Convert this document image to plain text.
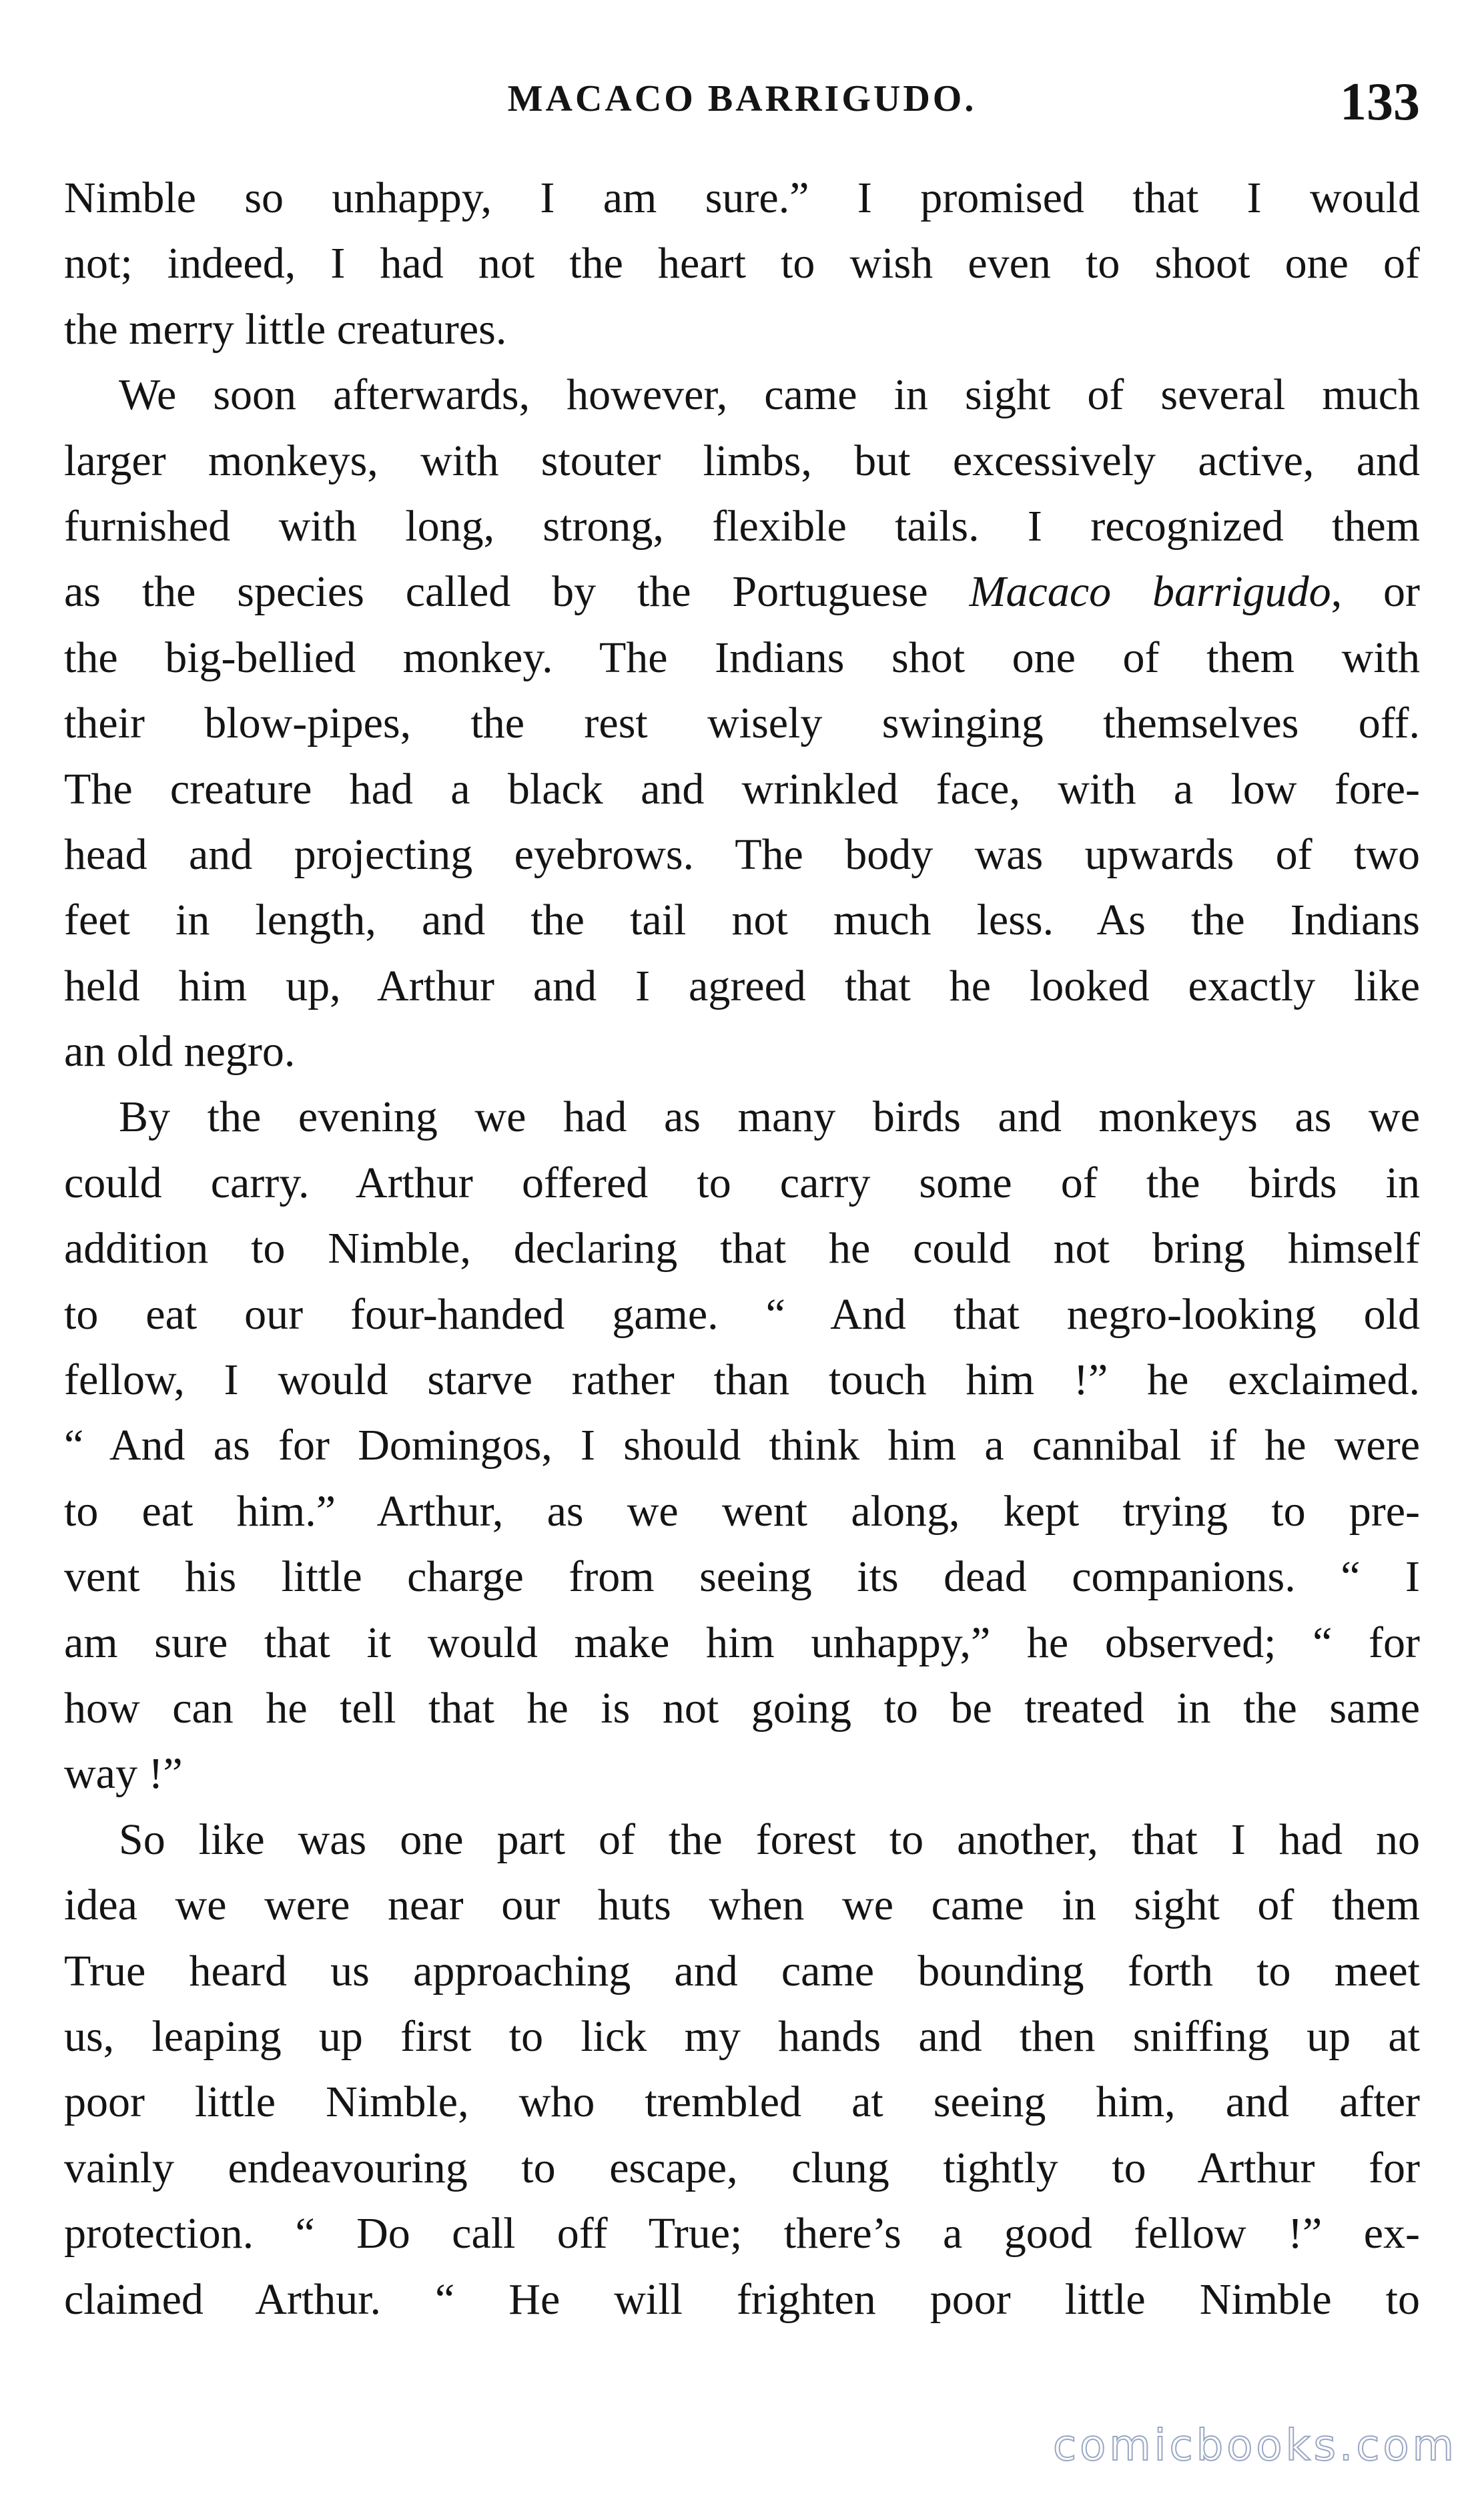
MACACO BARRIGUDO.	133
Nimble so unhappy, I am sure.” I promised that I would
not; indeed, I had not the heart to wish even to shoot one of
the merry little creatures.
We soon afterwards, however, came in sight of several much
larger monkeys, with stouter limbs, but excessively active, and
furnished with long, strong, flexible tails. I recognized them
as the species called by the Portuguese Macaco barrigudo, or
the big-bellied monkey. The Indians shot one of them with
their blow-pipes, the rest wisely swinging themselves off.
The creature had a black and wrinkled face, with a low fore-
head and projecting eyebrows. The body was upwards of two
feet in length, and the tail not much less. As the Indians
held him up, Arthur and I agreed that he looked exactly like
an old negro.
By the evening we had as many birds and monkeys as we
could carry. Arthur offered to carry some of the birds in
addition to Nimble, declaring that he could not bring himself
to eat our four-handed game. “ And that negro-looking old
fellow, I would starve rather than touch him !” he exclaimed.
“ And as for Domingos, I should think him a cannibal if he were
to eat him.” Arthur, as we went along, kept trying to pre-
vent his little charge from seeing its dead companions. “ I
am sure that it would make him unhappy,” he observed; “ for
how can he tell that he is not going to be treated in the same
way !”
So like was one part of the forest to another, that I had no
idea we were near our huts when we came in sight of them
True heard us approaching and came bounding forth to meet
us, leaping up first to lick my hands and then sniffing up at
poor little Nimble, who trembled at seeing him, and after
vainly endeavouring to escape, clung tightly to Arthur for
protection. “ Do call off True; there’s a good fellow !” ex-
claimed Arthur. “ He will frighten poor little Nimble to
comicbooks.com
